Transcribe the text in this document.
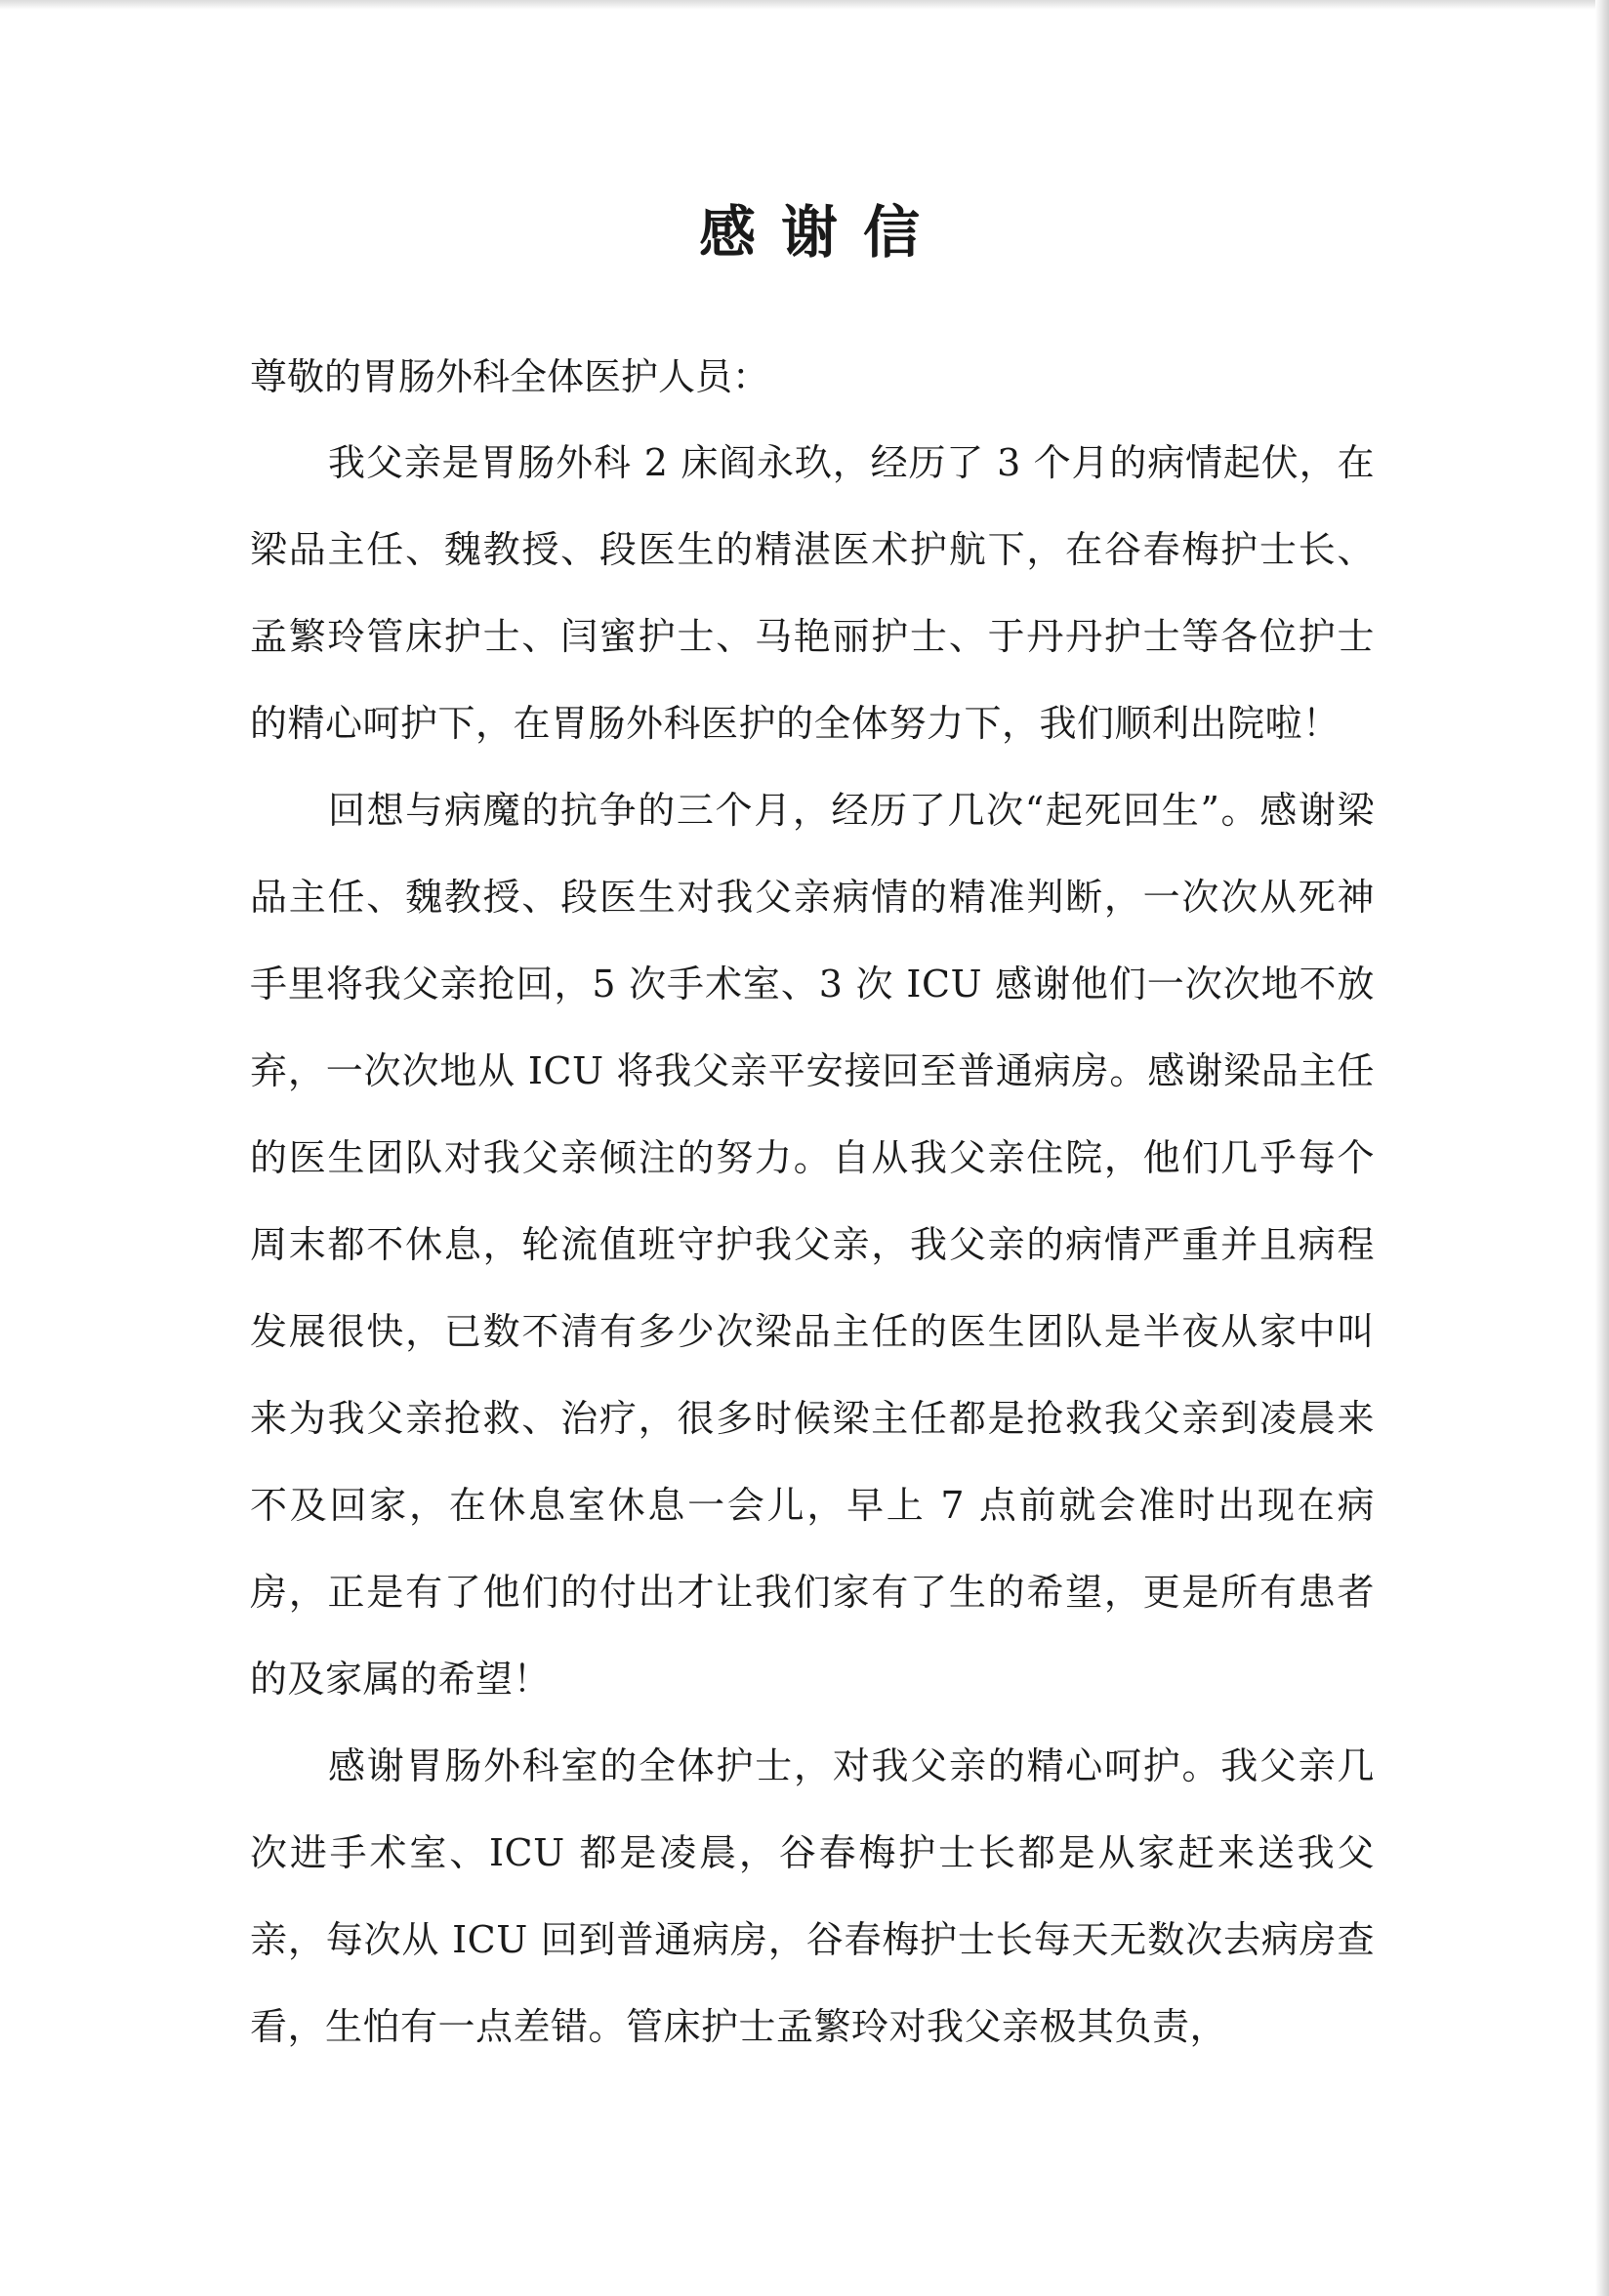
感谢信

尊敬的胃肠外科全体医护人员：

我父亲是胃肠外科 2 床阎永玖，经历了 3 个月的病情起伏，在梁品主任、魏教授、段医生的精湛医术护航下，在谷春梅护士长、孟繁玲管床护士、闫蜜护士、马艳丽护士、于丹丹护士等各位护士的精心呵护下，在胃肠外科医护的全体努力下，我们顺利出院啦！

回想与病魔的抗争的三个月，经历了几次“起死回生”。感谢梁品主任、魏教授、段医生对我父亲病情的精准判断，一次次从死神手里将我父亲抢回，5 次手术室、3 次 ICU 感谢他们一次次地不放弃，一次次地从 ICU 将我父亲平安接回至普通病房。感谢梁品主任的医生团队对我父亲倾注的努力。自从我父亲住院，他们几乎每个周末都不休息，轮流值班守护我父亲，我父亲的病情严重并且病程发展很快，已数不清有多少次梁品主任的医生团队是半夜从家中叫来为我父亲抢救、治疗，很多时候梁主任都是抢救我父亲到凌晨来不及回家，在休息室休息一会儿，早上 7 点前就会准时出现在病房，正是有了他们的付出才让我们家有了生的希望，更是所有患者的及家属的希望！

感谢胃肠外科室的全体护士，对我父亲的精心呵护。我父亲几次进手术室、ICU 都是凌晨，谷春梅护士长都是从家赶来送我父亲，每次从 ICU 回到普通病房，谷春梅护士长每天无数次去病房查看，生怕有一点差错。管床护士孟繁玲对我父亲极其负责，
